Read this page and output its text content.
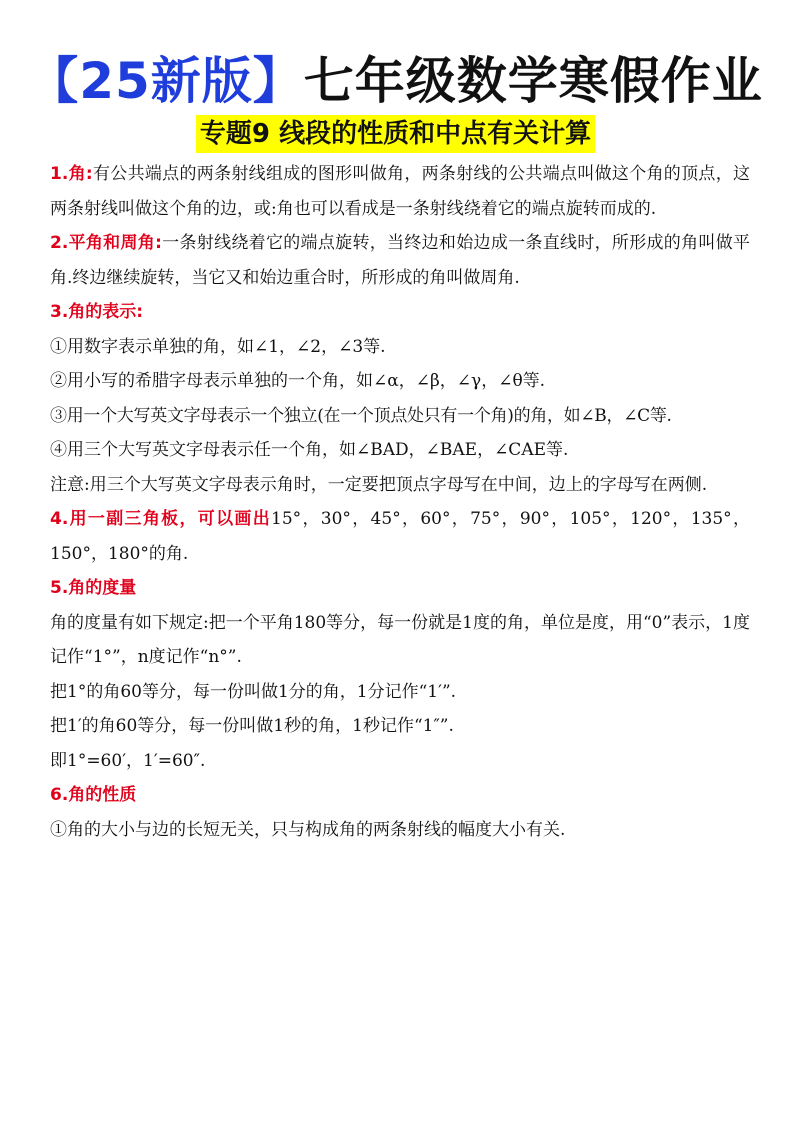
【25新版】七年级数学寒假作业
专题9 线段的性质和中点有关计算

1.角:有公共端点的两条射线组成的图形叫做角，两条射线的公共端点叫做这个角的顶点，这两条射线叫做这个角的边，或:角也可以看成是一条射线绕着它的端点旋转而成的.

2.平角和周角:一条射线绕着它的端点旋转，当终边和始边成一条直线时，所形成的角叫做平角.终边继续旋转，当它又和始边重合时，所形成的角叫做周角.

3.角的表示:

①用数字表示单独的角，如∠1，∠2，∠3等.

②用小写的希腊字母表示单独的一个角，如∠α，∠β，∠γ，∠θ等.

③用一个大写英文字母表示一个独立(在一个顶点处只有一个角)的角，如∠B，∠C等.

④用三个大写英文字母表示任一个角，如∠BAD，∠BAE，∠CAE等.

注意:用三个大写英文字母表示角时，一定要把顶点字母写在中间，边上的字母写在两侧.

4.用一副三角板，可以画出15°，30°，45°，60°，75°，90°，105°，120°，135°，150°，180°的角.

5.角的度量

角的度量有如下规定:把一个平角180等分，每一份就是1度的角，单位是度，用“0”表示，1度记作“1°”，n度记作“n°”.

把1°的角60等分，每一份叫做1分的角，1分记作“1′”.

把1′的角60等分，每一份叫做1秒的角，1秒记作“1″”.

即1°=60′，1′=60″.

6.角的性质

①角的大小与边的长短无关，只与构成角的两条射线的幅度大小有关.
